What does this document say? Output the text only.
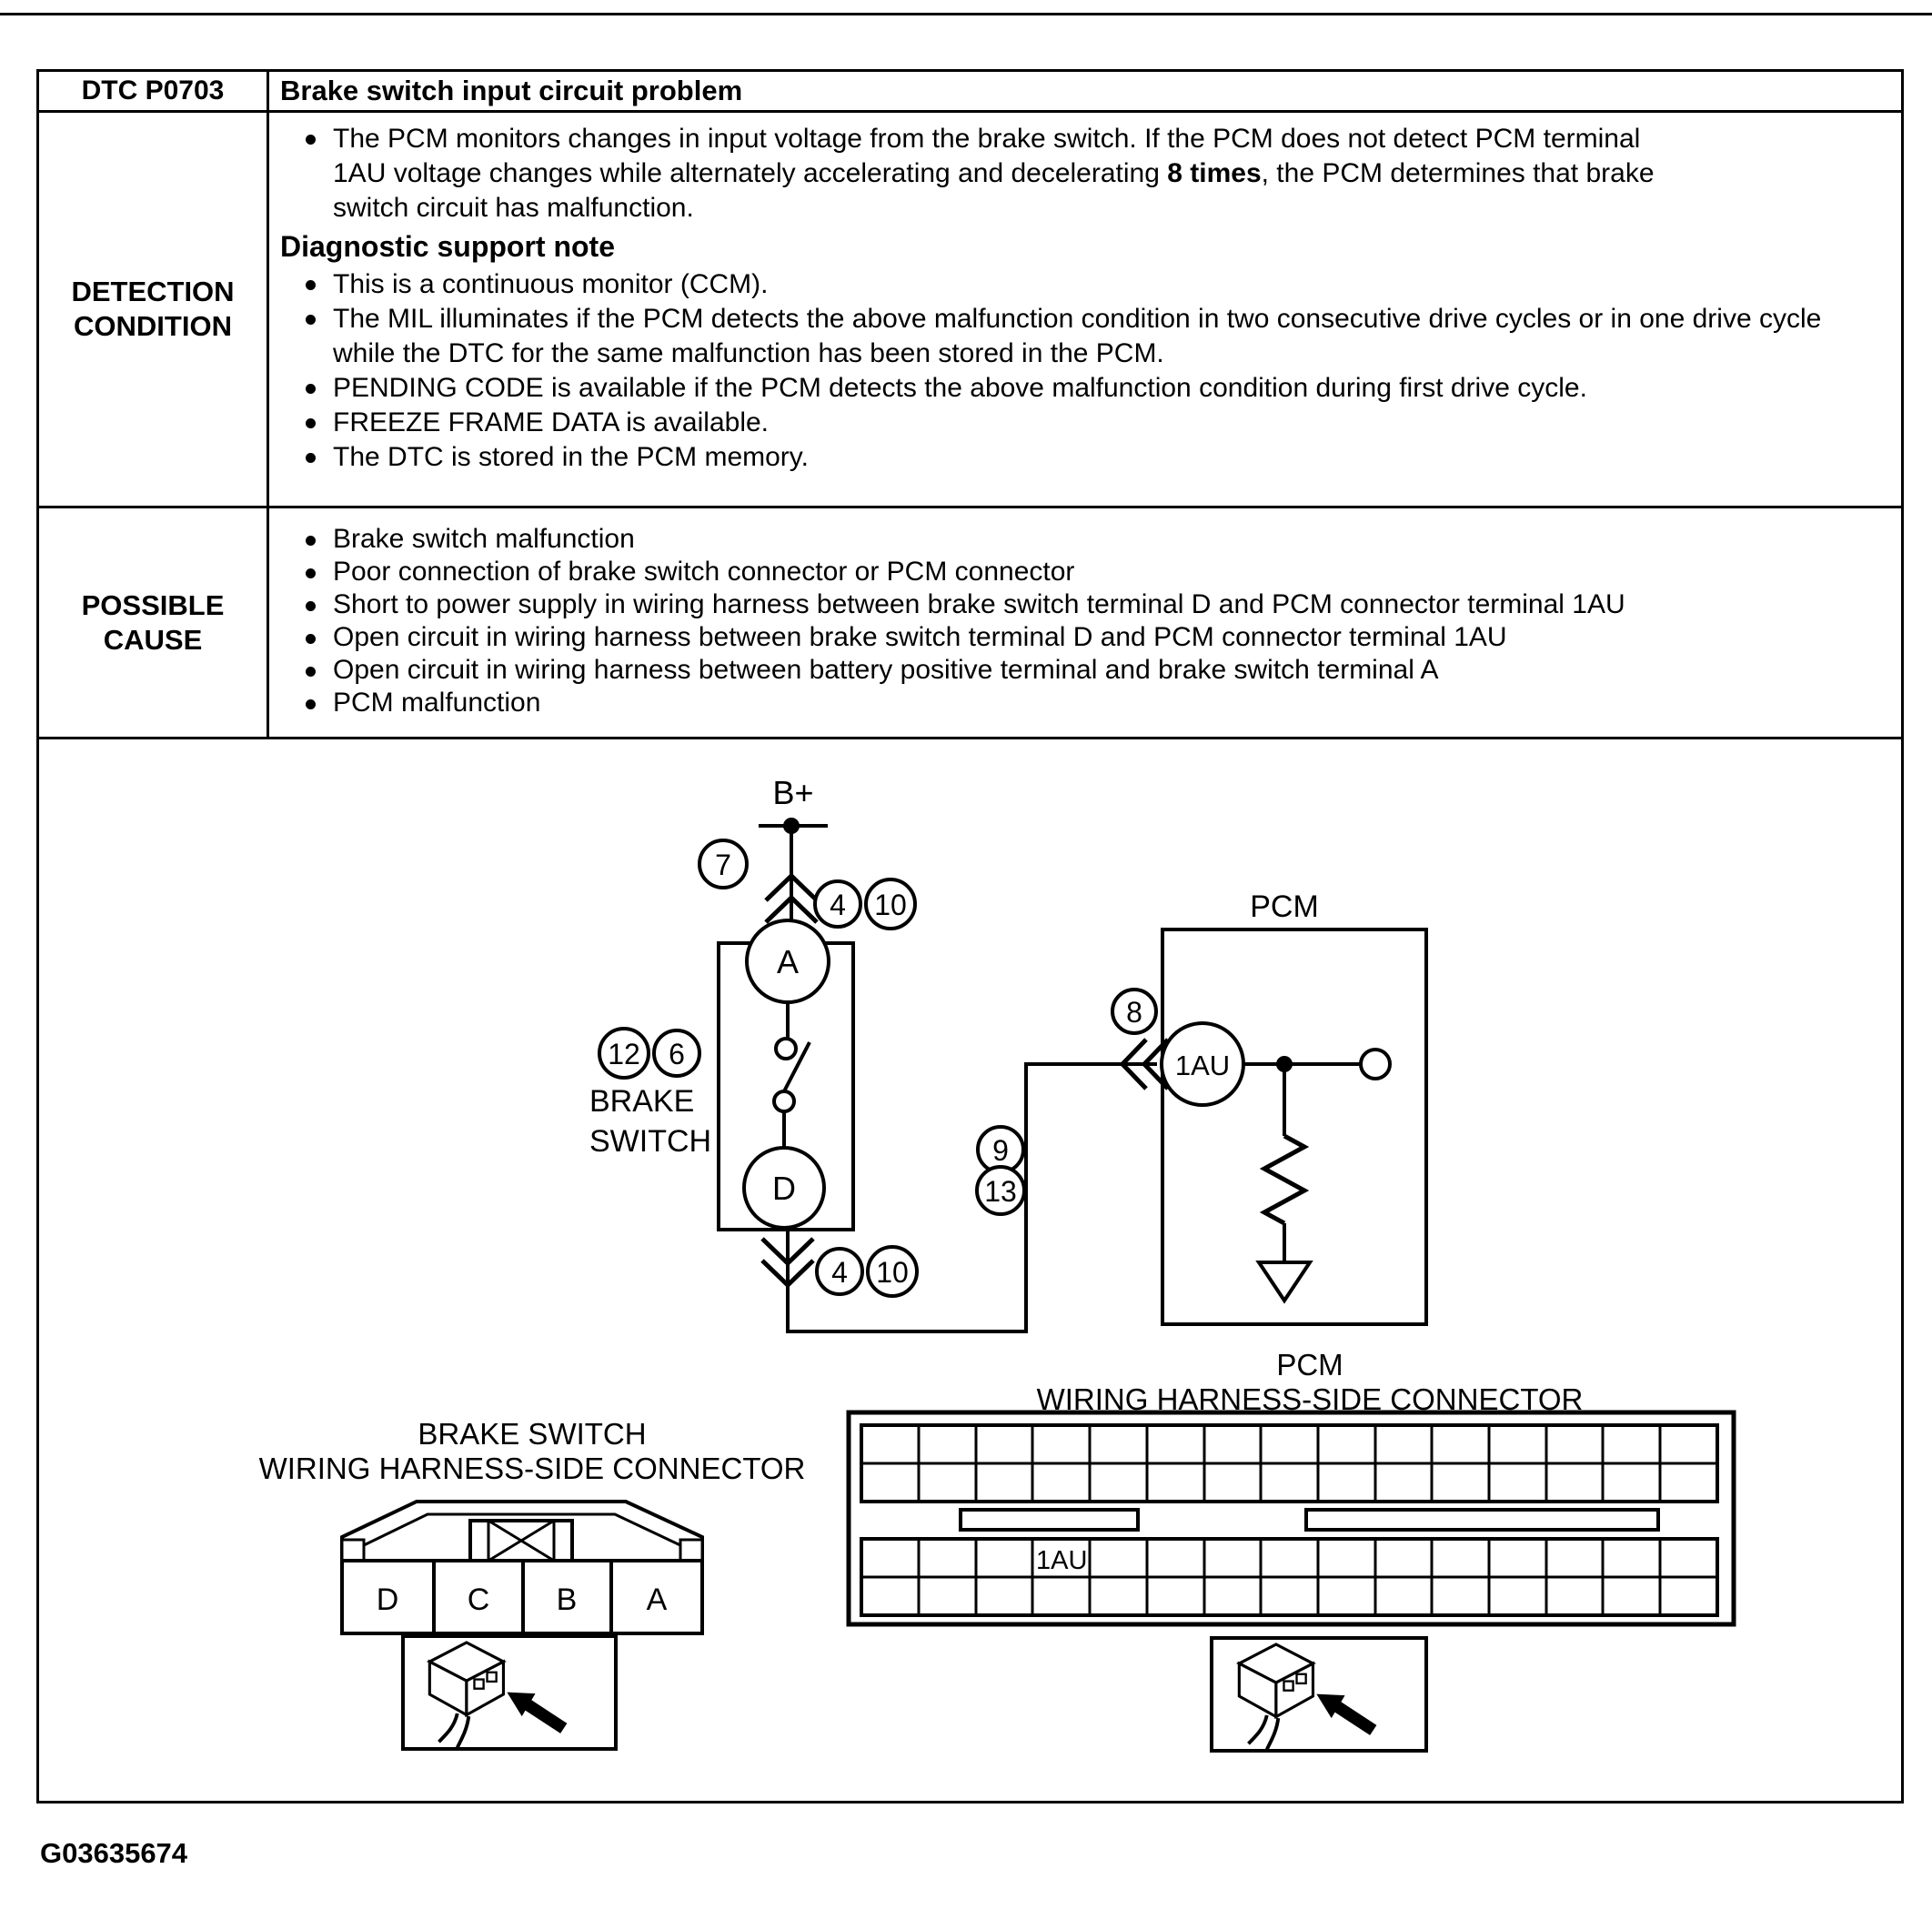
DTC P0703	Brake switch input circuit problem
DETECTION
CONDITION
The PCM monitors changes in input voltage from the brake switch. If the PCM does not detect PCM terminal 1AU voltage changes while alternately accelerating and decelerating 8 times, the PCM determines that brake switch circuit has malfunction.
Diagnostic support note
This is a continuous monitor (CCM).
The MIL illuminates if the PCM detects the above malfunction condition in two consecutive drive cycles or in one drive cycle while the DTC for the same malfunction has been stored in the PCM.
PENDING CODE is available if the PCM detects the above malfunction condition during first drive cycle.
FREEZE FRAME DATA is available.
The DTC is stored in the PCM memory.
POSSIBLE
CAUSE
Brake switch malfunction
Poor connection of brake switch connector or PCM connector
Short to power supply in wiring harness between brake switch terminal D and PCM connector terminal 1AU
Open circuit in wiring harness between brake switch terminal D and PCM connector terminal 1AU
Open circuit in wiring harness between battery positive terminal and brake switch terminal A
PCM malfunction
B+
7
4 10
A
D
12 6
BRAKE
SWITCH
4 10
9
13
8
PCM
1AU
BRAKE SWITCH
WIRING HARNESS-SIDE CONNECTOR
D C B A
PCM
WIRING HARNESS-SIDE CONNECTOR
1AU
G03635674
